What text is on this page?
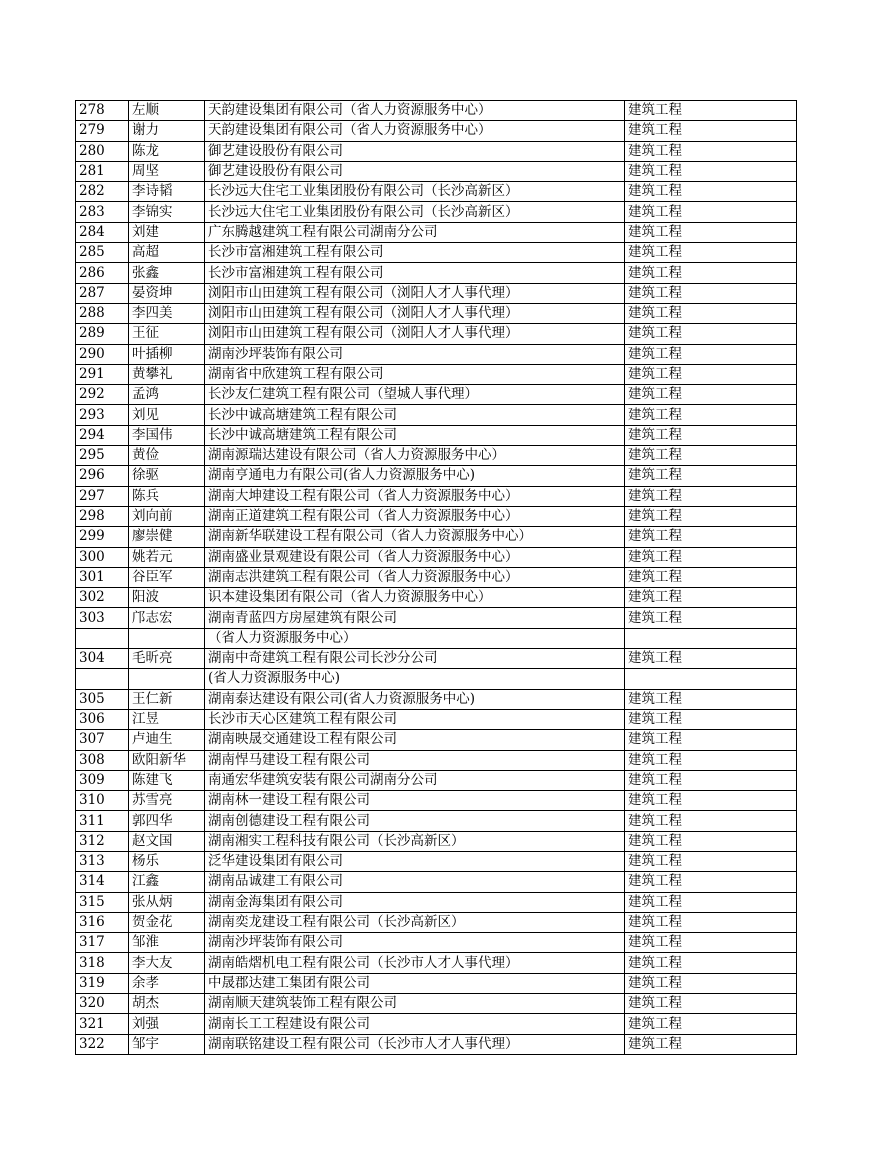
278	左顺	天韵建设集团有限公司（省人力资源服务中心）	建筑工程
279	谢力	天韵建设集团有限公司（省人力资源服务中心）	建筑工程
280	陈龙	御艺建设股份有限公司	建筑工程
281	周坚	御艺建设股份有限公司	建筑工程
282	李诗韬	长沙远大住宅工业集团股份有限公司（长沙高新区）	建筑工程
283	李锦实	长沙远大住宅工业集团股份有限公司（长沙高新区）	建筑工程
284	刘建	广东腾越建筑工程有限公司湖南分公司	建筑工程
285	高超	长沙市富湘建筑工程有限公司	建筑工程
286	张鑫	长沙市富湘建筑工程有限公司	建筑工程
287	晏资坤	浏阳市山田建筑工程有限公司（浏阳人才人事代理）	建筑工程
288	李四美	浏阳市山田建筑工程有限公司（浏阳人才人事代理）	建筑工程
289	王征	浏阳市山田建筑工程有限公司（浏阳人才人事代理）	建筑工程
290	叶插柳	湖南沙坪装饰有限公司	建筑工程
291	黄攀礼	湖南省中欣建筑工程有限公司	建筑工程
292	孟鸿	长沙友仁建筑工程有限公司（望城人事代理）	建筑工程
293	刘见	长沙中诚高塘建筑工程有限公司	建筑工程
294	李国伟	长沙中诚高塘建筑工程有限公司	建筑工程
295	黄俭	湖南源瑞达建设有限公司（省人力资源服务中心）	建筑工程
296	徐驱	湖南亨通电力有限公司(省人力资源服务中心)	建筑工程
297	陈兵	湖南大坤建设工程有限公司（省人力资源服务中心）	建筑工程
298	刘向前	湖南正道建筑工程有限公司（省人力资源服务中心）	建筑工程
299	廖崇健	湖南新华联建设工程有限公司（省人力资源服务中心）	建筑工程
300	姚若元	湖南盛业景观建设有限公司（省人力资源服务中心）	建筑工程
301	谷臣军	湖南志洪建筑工程有限公司（省人力资源服务中心）	建筑工程
302	阳波	识本建设集团有限公司（省人力资源服务中心）	建筑工程
303	邝志宏	湖南青蓝四方房屋建筑有限公司	建筑工程
		（省人力资源服务中心）	
304	毛昕亮	湖南中奇建筑工程有限公司长沙分公司	建筑工程
		(省人力资源服务中心)	
305	王仁新	湖南泰达建设有限公司(省人力资源服务中心)	建筑工程
306	江昱	长沙市天心区建筑工程有限公司	建筑工程
307	卢迪生	湖南映晟交通建设工程有限公司	建筑工程
308	欧阳新华	湖南悍马建设工程有限公司	建筑工程
309	陈建飞	南通宏华建筑安装有限公司湖南分公司	建筑工程
310	苏雪亮	湖南林一建设工程有限公司	建筑工程
311	郭四华	湖南创德建设工程有限公司	建筑工程
312	赵文国	湖南湘实工程科技有限公司（长沙高新区）	建筑工程
313	杨乐	泛华建设集团有限公司	建筑工程
314	江鑫	湖南品诚建工有限公司	建筑工程
315	张从炳	湖南金海集团有限公司	建筑工程
316	贺金花	湖南奕龙建设工程有限公司（长沙高新区）	建筑工程
317	邹淮	湖南沙坪装饰有限公司	建筑工程
318	李大友	湖南皓熠机电工程有限公司（长沙市人才人事代理）	建筑工程
319	余孝	中晟郡达建工集团有限公司	建筑工程
320	胡杰	湖南顺天建筑装饰工程有限公司	建筑工程
321	刘强	湖南长工工程建设有限公司	建筑工程
322	邹宇	湖南联铭建设工程有限公司（长沙市人才人事代理）	建筑工程
